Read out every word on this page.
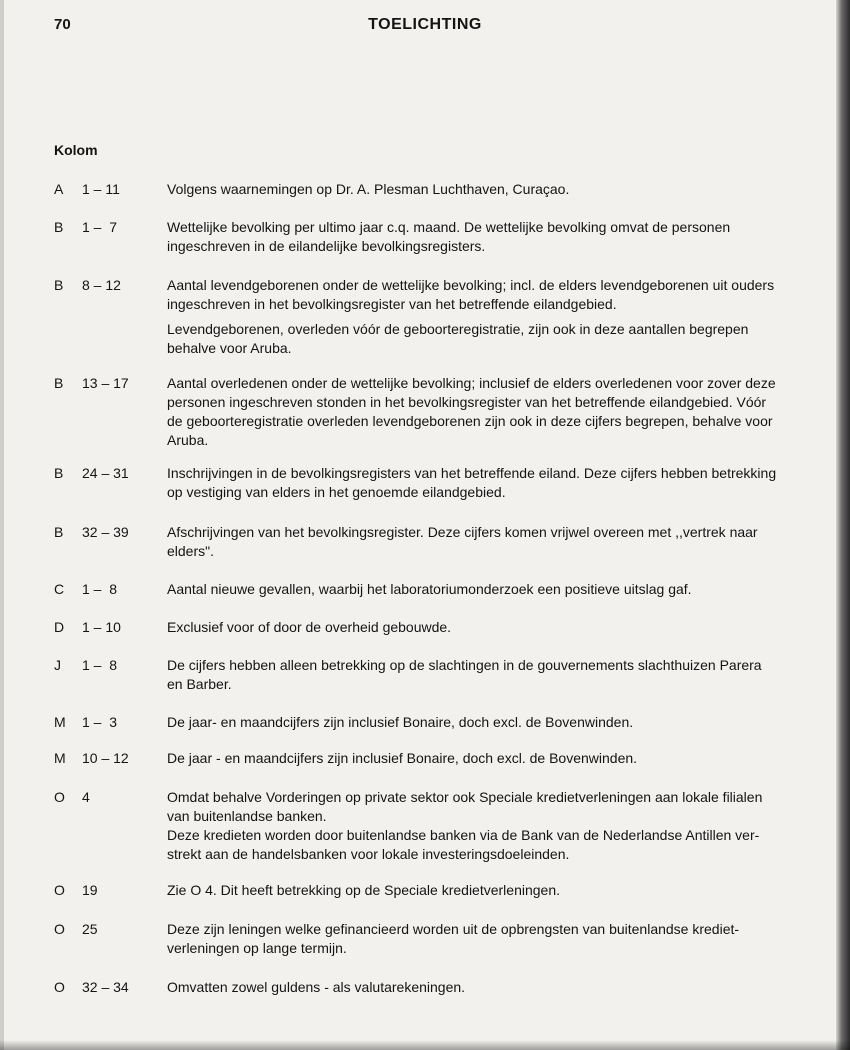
70	TOELICHTING
Kolom
A 1 – 11	Volgens waarnemingen op Dr. A. Plesman Luchthaven, Curaçao.

B 1 –  7	Wettelijke bevolking per ultimo jaar c.q. maand. De wettelijke bevolking omvat de personen

ingeschreven in de eilandelijke bevolkingsregisters.

B 8 – 12	Aantal levendgeborenen onder de wettelijke bevolking; incl. de elders levendgeborenen uit ouders

ingeschreven in het bevolkingsregister van het betreffende eilandgebied.

Levendgeborenen, overleden vóór de geboorteregistratie, zijn ook in deze aantallen begrepen

behalve voor Aruba.

B 13 – 17	Aantal overledenen onder de wettelijke bevolking; inclusief de elders overledenen voor zover deze

personen ingeschreven stonden in het bevolkingsregister van het betreffende eilandgebied. Vóór

de geboorteregistratie overleden levendgeborenen zijn ook in deze cijfers begrepen, behalve voor

Aruba.

B 24 – 31	Inschrijvingen in de bevolkingsregisters van het betreffende eiland. Deze cijfers hebben betrekking

op vestiging van elders in het genoemde eilandgebied.

B 32 – 39	Afschrijvingen van het bevolkingsregister. Deze cijfers komen vrijwel overeen met ,,vertrek naar

elders".

C 1 –  8	Aantal nieuwe gevallen, waarbij het laboratoriumonderzoek een positieve uitslag gaf.

D 1 – 10	Exclusief voor of door de overheid gebouwde.

J 1 –  8	De cijfers hebben alleen betrekking op de slachtingen in de gouvernements slachthuizen Parera

en Barber.

M 1 –  3	De jaar- en maandcijfers zijn inclusief Bonaire, doch excl. de Bovenwinden.

M 10 – 12	De jaar - en maandcijfers zijn inclusief Bonaire, doch excl. de Bovenwinden.

O 4	Omdat behalve Vorderingen op private sektor ook Speciale kredietverleningen aan lokale filialen

van buitenlandse banken.

Deze kredieten worden door buitenlandse banken via de Bank van de Nederlandse Antillen ver-

strekt aan de handelsbanken voor lokale investeringsdoeleinden.

O 19	Zie O 4. Dit heeft betrekking op de Speciale kredietverleningen.

O 25	Deze zijn leningen welke gefinancieerd worden uit de opbrengsten van buitenlandse krediet-

verleningen op lange termijn.

O 32 – 34	Omvatten zowel guldens - als valutarekeningen.
